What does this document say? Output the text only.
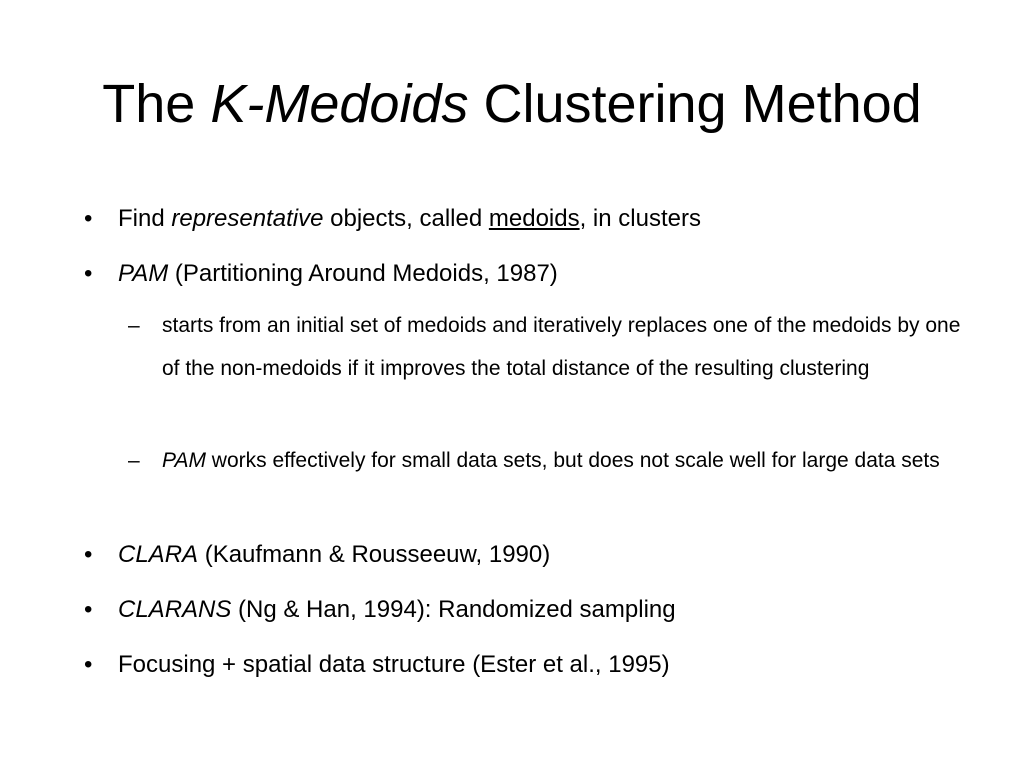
The K-Medoids Clustering Method
• Find representative objects, called medoids, in clusters
• PAM (Partitioning Around Medoids, 1987)
– starts from an initial set of medoids and iteratively replaces one of the medoids by one of the non-medoids if it improves the total distance of the resulting clustering
– PAM works effectively for small data sets, but does not scale well for large data sets
• CLARA (Kaufmann & Rousseeuw, 1990)
• CLARANS (Ng & Han, 1994): Randomized sampling
• Focusing + spatial data structure (Ester et al., 1995)
